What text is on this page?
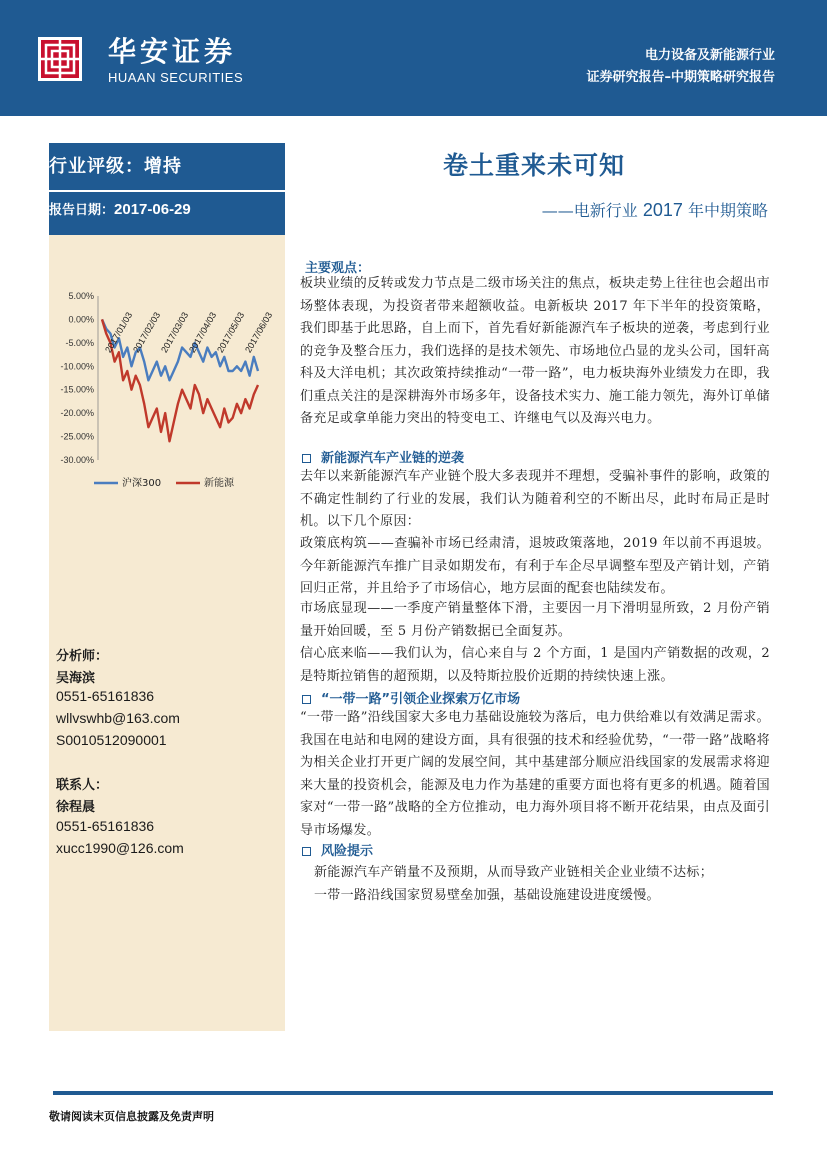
华安证券
HUAAN SECURITIES
电力设备及新能源行业
证券研究报告–中期策略研究报告
行业评级：增持
报告日期：2017-06-29
5.00%
0.00%
-5.00%
-10.00%
-15.00%
-20.00%
-25.00%
-30.00%
2017/01/03
2017/02/03
2017/03/03
2017/04/03
2017/05/03
2017/06/03
沪深300	新能源
分析师：
吴海滨
0551-65161836
wllvswhb@163.com
S0010512090001
联系人：
徐程晨
0551-65161836
xucc1990@126.com
卷土重来未可知
——电新行业 2017 年中期策略
主要观点：
板块业绩的反转或发力节点是二级市场关注的焦点，板块走势上往往也会超出市场整体表现，为投资者带来超额收益。电新板块 2017 年下半年的投资策略，我们即基于此思路，自上而下，首先看好新能源汽车子板块的逆袭，考虑到行业的竞争及整合压力，我们选择的是技术领先、市场地位凸显的龙头公司，国轩高科及大洋电机；其次政策持续推动“一带一路”，电力板块海外业绩发力在即，我们重点关注的是深耕海外市场多年，设备技术实力、施工能力领先，海外订单储备充足或拿单能力突出的特变电工、许继电气以及海兴电力。
新能源汽车产业链的逆袭
去年以来新能源汽车产业链个股大多表现并不理想，受骗补事件的影响，政策的不确定性制约了行业的发展，我们认为随着利空的不断出尽，此时布局正是时机。以下几个原因：
政策底构筑——查骗补市场已经肃清，退坡政策落地，2019 年以前不再退坡。今年新能源汽车推广目录如期发布，有利于车企尽早调整车型及产销计划，产销回归正常，并且给予了市场信心，地方层面的配套也陆续发布。
市场底显现——一季度产销量整体下滑，主要因一月下滑明显所致，2 月份产销量开始回暖，至 5 月份产销数据已全面复苏。
信心底来临——我们认为，信心来自与 2 个方面，1 是国内产销数据的改观，2 是特斯拉销售的超预期，以及特斯拉股价近期的持续快速上涨。
“一带一路”引领企业探索万亿市场
“一带一路”沿线国家大多电力基础设施较为落后，电力供给难以有效满足需求。我国在电站和电网的建设方面，具有很强的技术和经验优势，“一带一路”战略将为相关企业打开更广阔的发展空间，其中基建部分顺应沿线国家的发展需求将迎来大量的投资机会，能源及电力作为基建的重要方面也将有更多的机遇。随着国家对“一带一路”战略的全方位推动，电力海外项目将不断开花结果，由点及面引导市场爆发。
风险提示
新能源汽车产销量不及预期，从而导致产业链相关企业业绩不达标；
一带一路沿线国家贸易壁垒加强，基础设施建设进度缓慢。
敬请阅读末页信息披露及免责声明
